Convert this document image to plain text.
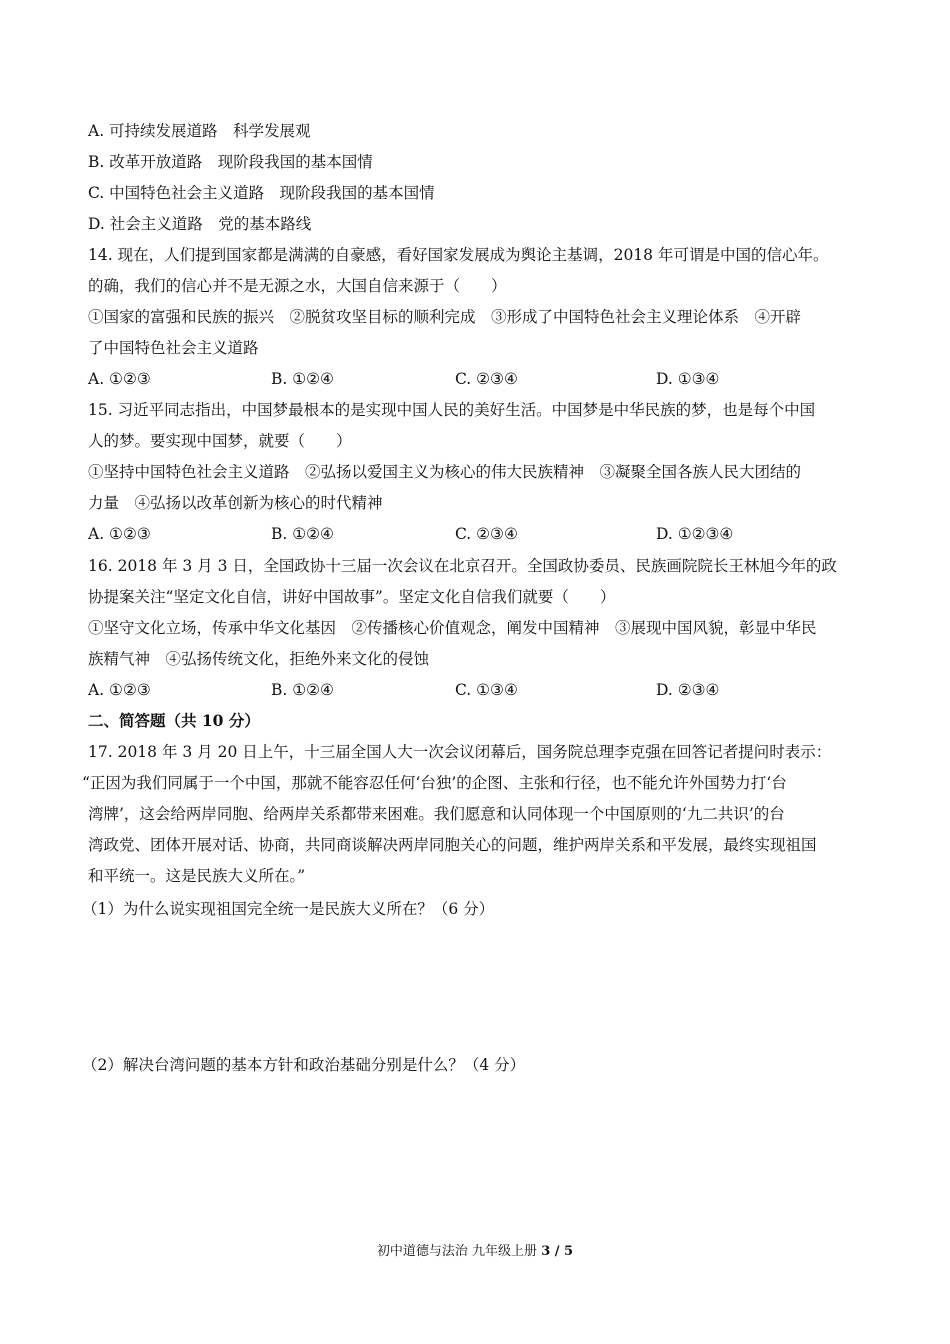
A. 可持续发展道路　科学发展观
B. 改革开放道路　现阶段我国的基本国情
C. 中国特色社会主义道路　现阶段我国的基本国情
D. 社会主义道路　党的基本路线
14. 现在，人们提到国家都是满满的自豪感，看好国家发展成为舆论主基调，2018 年可谓是中国的信心年。
的确，我们的信心并不是无源之水，大国自信来源于（　　）
①国家的富强和民族的振兴　②脱贫攻坚目标的顺利完成　③形成了中国特色社会主义理论体系　④开辟
了中国特色社会主义道路
A. ①②③	B. ①②④	C. ②③④	D. ①③④
15. 习近平同志指出，中国梦最根本的是实现中国人民的美好生活。中国梦是中华民族的梦，也是每个中国
人的梦。要实现中国梦，就要（　　）
①坚持中国特色社会主义道路　②弘扬以爱国主义为核心的伟大民族精神　③凝聚全国各族人民大团结的
力量　④弘扬以改革创新为核心的时代精神
A. ①②③	B. ①②④	C. ②③④	D. ①②③④
16. 2018 年 3 月 3 日，全国政协十三届一次会议在北京召开。全国政协委员、民族画院院长王林旭今年的政
协提案关注“坚定文化自信，讲好中国故事”。坚定文化自信我们就要（　　）
①坚守文化立场，传承中华文化基因　②传播核心价值观念，阐发中国精神　③展现中国风貌，彰显中华民
族精气神　④弘扬传统文化，拒绝外来文化的侵蚀
A. ①②③	B. ①②④	C. ①③④	D. ②③④
二、简答题（共 10 分）
17. 2018 年 3 月 20 日上午，十三届全国人大一次会议闭幕后，国务院总理李克强在回答记者提问时表示：
“正因为我们同属于一个中国，那就不能容忍任何‘台独’的企图、主张和行径，也不能允许外国势力打‘台
湾牌’，这会给两岸同胞、给两岸关系都带来困难。我们愿意和认同体现一个中国原则的‘九二共识’的台
湾政党、团体开展对话、协商，共同商谈解决两岸同胞关心的问题，维护两岸关系和平发展，最终实现祖国
和平统一。这是民族大义所在。”
（1）为什么说实现祖国完全统一是民族大义所在？（6 分）
（2）解决台湾问题的基本方针和政治基础分别是什么？（4 分）
初中道德与法治 九年级上册 3 / 5
